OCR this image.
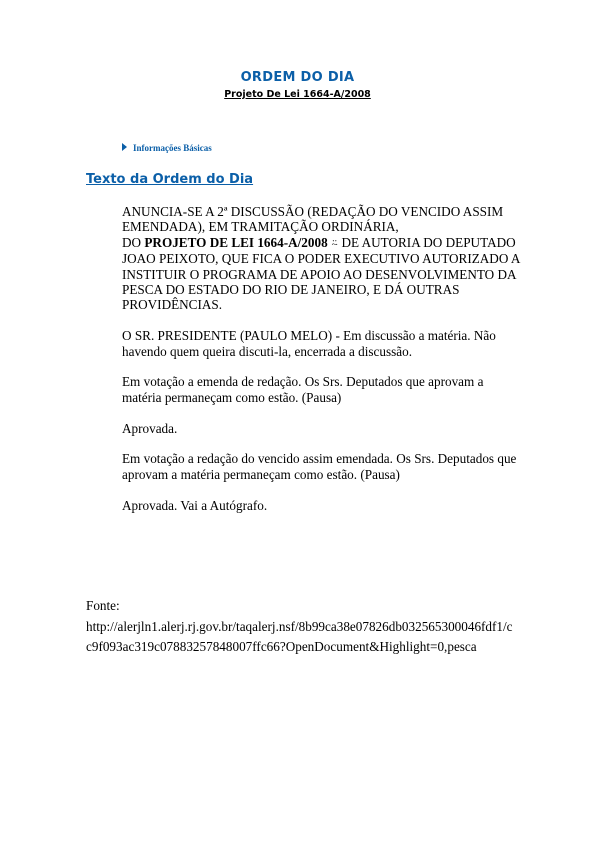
ORDEM DO DIA
Projeto De Lei 1664-A/2008
Informações Básicas
Texto da Ordem do Dia

ANUNCIA-SE A 2ª DISCUSSÃO (REDAÇÃO DO VENCIDO ASSIM EMENDADA), EM TRAMITAÇÃO ORDINÁRIA,
DO PROJETO DE LEI 1664-A/2008 ⍨ DE AUTORIA DO DEPUTADO JOAO PEIXOTO, QUE FICA O PODER EXECUTIVO AUTORIZADO A INSTITUIR O PROGRAMA DE APOIO AO DESENVOLVIMENTO DA PESCA DO ESTADO DO RIO DE JANEIRO, E DÁ OUTRAS PROVIDÊNCIAS.

O SR. PRESIDENTE (PAULO MELO) - Em discussão a matéria. Não havendo quem queira discuti-la, encerrada a discussão.

Em votação a emenda de redação. Os Srs. Deputados que aprovam a matéria permaneçam como estão. (Pausa)

Aprovada.

Em votação a redação do vencido assim emendada. Os Srs. Deputados que aprovam a matéria permaneçam como estão. (Pausa)

Aprovada. Vai a Autógrafo.

Fonte:
http://alerjln1.alerj.rj.gov.br/taqalerj.nsf/8b99ca38e07826db032565300046fdf1/cc9f093ac319c07883257848007ffc66?OpenDocument&Highlight=0,pesca
